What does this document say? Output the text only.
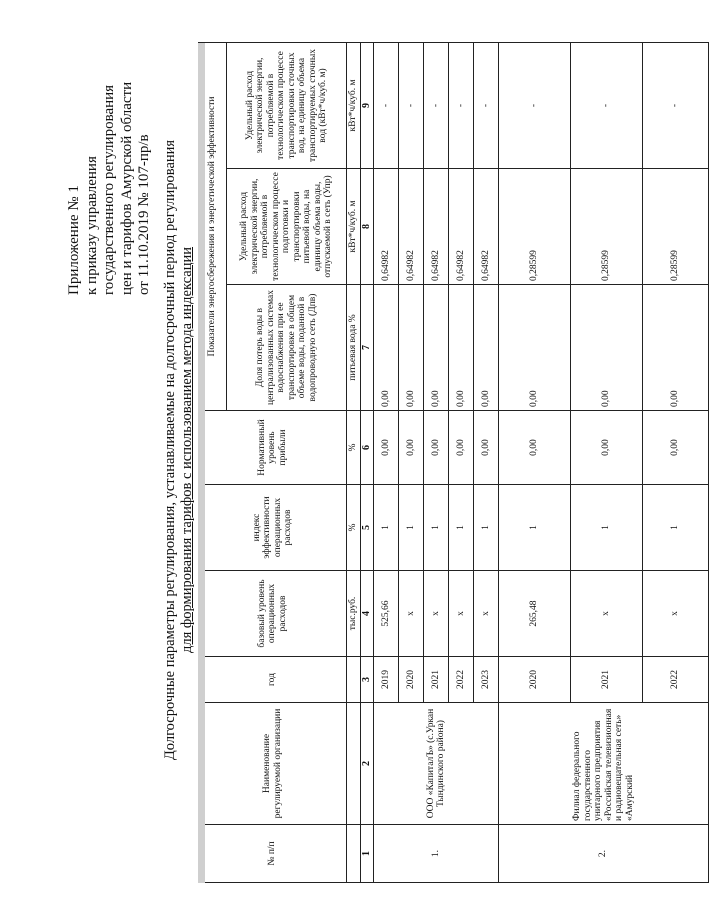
Приложение № 1 к приказу управления государственного регулирования цен и тарифов Амурской области от 11.10.2019 № 107-пр/в Долгосрочные параметры регулирования, устанавливаемые на долгосрочный период регулирования для формирования тарифов с использованием метода индексации
№ п/п	Наименование регулируемой организации	год	базовый уровень операционных расходов	индекс эффективности операционных расходов	Нормативный уровень прибыли	Показатели энергосбережения и энергетической эффективности		
						Доля потерь воды в централизованных системах водоснабжения при ее транспортировке в общем объеме воды, поданной в водопроводную сеть (Дпв)	Удельный расход электрической энергии, потребляемой в технологическом процессе подготовки и транспортировки питьевой воды, на единицу объема воды, отпускаемой в сеть (Упр)	Удельный расход электрической энергии, потребляемой в технологическом процессе транспортировки сточных вод, на единицу объема транспортируемых сточных вод (кВт*ч/куб. м)
			тыс.руб.	%	%	питьевая вода %	кВт*ч/куб. м	кВт*ч/куб. м
1	2	3	4	5	6	7	8	9
1.	ООО «КапиталЪ» (с.Уркан Тындинского района)	2019	525,66	1	0,00	0,00	0,64982	-
		2020	х	1	0,00	0,00	0,64982	-
		2021	х	1	0,00	0,00	0,64982	-
		2022	х	1	0,00	0,00	0,64982	-
		2023	х	1	0,00	0,00	0,64982	-
2.	Филиал федерального государственного унитарного предприятия «Российская телевизионная и радиовещательная сеть» «Амурский	2020	265,48	1	0,00	0,00	0,28599	-
		2021	х	1	0,00	0,00	0,28599	-
		2022	х	1	0,00	0,00	0,28599	-
